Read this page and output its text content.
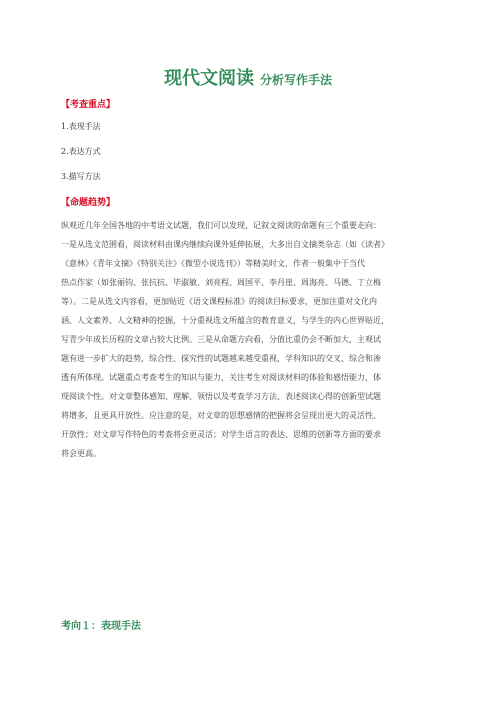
现代文阅读 分析写作手法
【考查重点】
1.表现手法
2.表达方式
3.描写方法
【命题趋势】
纵观近几年全国各地的中考语文试题，我们可以发现，记叙文阅读的命题有三个重要走向：
一是从选文范围看，阅读材料由课内继续向课外延伸拓展，大多出自文摘类杂志（如《读者》
《意林》《青年文摘》《特别关注》《微型小说选刊》）等精美时文，作者一般集中于当代
热点作家（如张丽钧、张抗抗、毕淑敏、刘亮程、周国平、李丹崖、周海亮、马德、丁立梅
等）。二是从选文内容看，更加贴近《语文课程标准》的阅读目标要求，更加注重对文化内
涵、人文素养、人文精神的挖掘，十分重视选文所蕴含的教育意义，与学生的内心世界贴近，
写青少年成长历程的文章占较大比例。三是从命题方向看，分值比重仍会不断加大，主观试
题有进一步扩大的趋势，综合性、探究性的试题越来越受重视，学科知识的交叉、综合和渗
透有所体现。试题重点考查考生的知识与能力，关注考生对阅读材料的体验和感悟能力，体
现阅读个性。对文章整体感知、理解、领悟以及考查学习方法、表述阅读心得的创新型试题
将增多，且更具开放性。应注意的是，对文章的思想感情的把握将会呈现出更大的灵活性、
开放性；对文章写作特色的考查将会更灵活；对学生语言的表达、思维的创新等方面的要求
将会更高。
考向１：表现手法
